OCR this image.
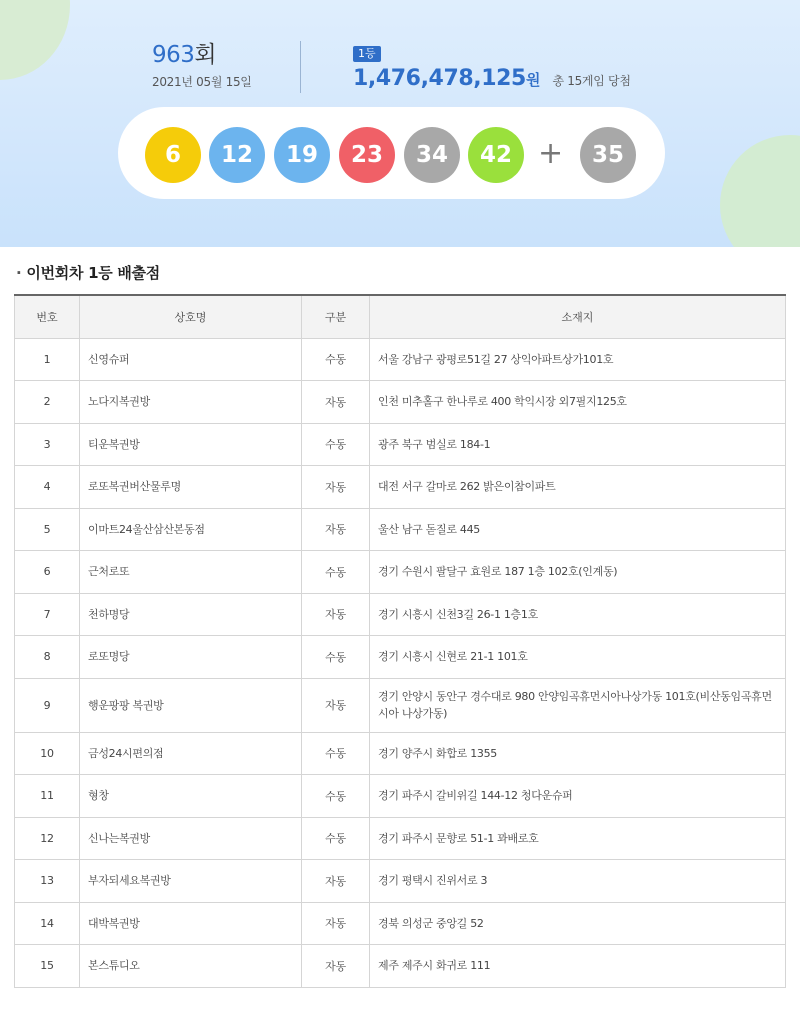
963회
2021년 05월 15일
1등
1,476,478,125원 총 15게임 당첨
6	12	19	23	34	42 +	35
· 이번회차 1등 배출점
번호	상호명	구분	소재지
1	신영슈퍼	수동	서울 강남구 광평로51길 27 상익아파트상가101호
2	노다지복권방	자동	인천 미추홀구 한나루로 400 학익시장 외7필지125호
3	티운복권방	수동	광주 북구 범실로 184-1
4	로또복권버산물루명	자동	대전 서구 갈마로 262 밝은이참이파트
5	이마트24울산삼산본동점	자동	울산 남구 돋질로 445
6	근처로또	수동	경기 수원시 팔달구 효원로 187 1층 102호(인계동)
7	천하명당	자동	경기 시흥시 신천3길 26-1 1층1호
8	로또명당	수동	경기 시흥시 신현로 21-1 101호
9	행운팡팡 복권방	자동	경기 안양시 동안구 경수대로 980 안양임곡휴먼시아나상가동 101호(비산동임곡휴먼시아 나상가동)
10	금성24시편의점	수동	경기 양주시 화합로 1355
11	형창	수동	경기 파주시 갈비위길 144-12 청다운슈퍼
12	신나는복권방	수동	경기 파주시 문향로 51-1 꽈배로호
13	부자되세요복권방	자동	경기 평택시 진위서로 3
14	대박복권방	자동	경북 의성군 중앙길 52
15	본스튜디오	자동	제주 제주시 화귀로 111
